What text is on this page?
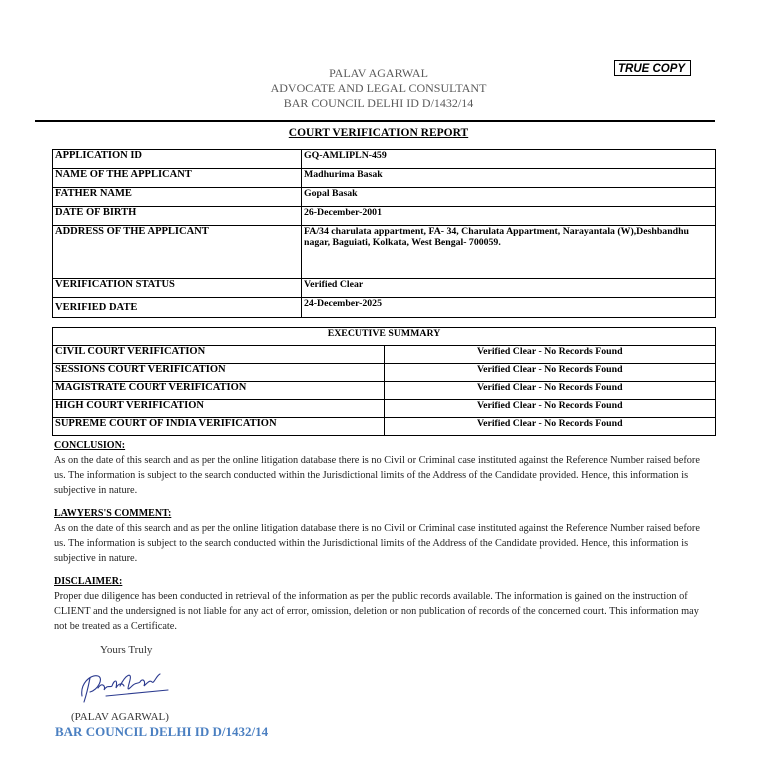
PALAV AGARWAL
ADVOCATE AND LEGAL CONSULTANT
BAR COUNCIL DELHI ID D/1432/14
TRUE COPY
COURT VERIFICATION REPORT
APPLICATION ID	GQ-AMLIPLN-459
NAME OF THE APPLICANT	Madhurima Basak
FATHER NAME	Gopal Basak
DATE OF BIRTH	26-December-2001
ADDRESS OF THE APPLICANT	FA/34 charulata appartment, FA- 34, Charulata Appartment, Narayantala (W),Deshbandhu nagar, Baguiati, Kolkata, West Bengal- 700059.
VERIFICATION STATUS	Verified Clear
VERIFIED DATE	24-December-2025
EXECUTIVE SUMMARY	
CIVIL COURT VERIFICATION	Verified Clear - No Records Found
SESSIONS COURT VERIFICATION	Verified Clear - No Records Found
MAGISTRATE COURT VERIFICATION	Verified Clear - No Records Found
HIGH COURT VERIFICATION	Verified Clear - No Records Found
SUPREME COURT OF INDIA VERIFICATION	Verified Clear - No Records Found
CONCLUSION:
As on the date of this search and as per the online litigation database there is no Civil or Criminal case instituted against the Reference Number raised before us. The information is subject to the search conducted within the Jurisdictional limits of the Address of the Candidate provided. Hence, this information is subjective in nature.
LAWYERS'S COMMENT:
As on the date of this search and as per the online litigation database there is no Civil or Criminal case instituted against the Reference Number raised before us. The information is subject to the search conducted within the Jurisdictional limits of the Address of the Candidate provided. Hence, this information is subjective in nature.
DISCLAIMER:
Proper due diligence has been conducted in retrieval of the information as per the public records available. The information is gained on the instruction of CLIENT and the undersigned is not liable for any act of error, omission, deletion or non publication of records of the concerned court. This information may not be treated as a Certificate.
Yours Truly
(PALAV AGARWAL)
BAR COUNCIL DELHI ID D/1432/14
